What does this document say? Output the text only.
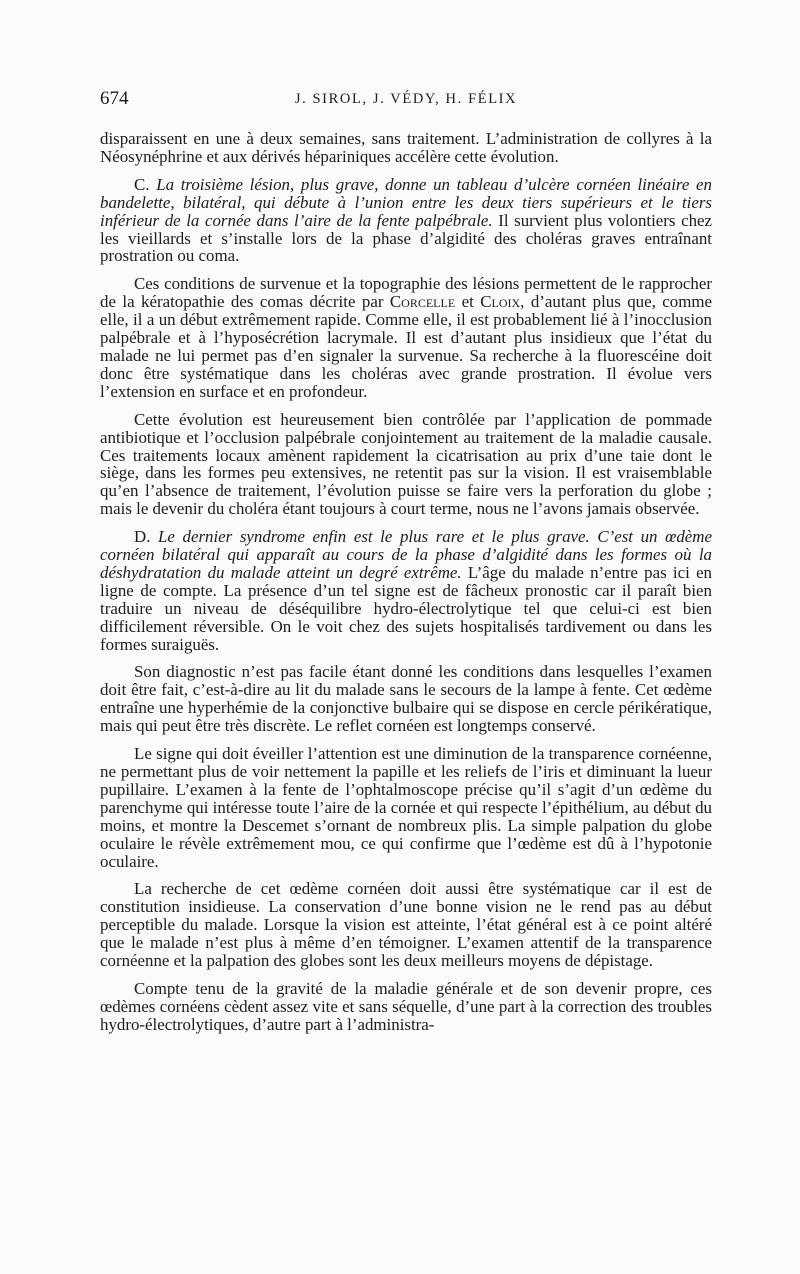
674	J. SIROL, J. VÉDY, H. FÉLIX

disparaissent en une à deux semaines, sans traitement. L’administration de collyres à la Néosynéphrine et aux dérivés hépariniques accélère cette évolution.

C. La troisième lésion, plus grave, donne un tableau d’ulcère cornéen linéaire en bandelette, bilatéral, qui débute à l’union entre les deux tiers supérieurs et le tiers inférieur de la cornée dans l’aire de la fente palpébrale. Il survient plus volontiers chez les vieillards et s’installe lors de la phase d’algidité des choléras graves entraînant prostration ou coma.

Ces conditions de survenue et la topographie des lésions permettent de le rapprocher de la kératopathie des comas décrite par Corcelle et Cloix, d’autant plus que, comme elle, il a un début extrêmement rapide. Comme elle, il est probablement lié à l’inocclusion palpébrale et à l’hyposécrétion lacrymale. Il est d’autant plus insidieux que l’état du malade ne lui permet pas d’en signaler la survenue. Sa recherche à la fluorescéine doit donc être systématique dans les choléras avec grande prostration. Il évolue vers l’extension en surface et en profondeur.

Cette évolution est heureusement bien contrôlée par l’application de pommade antibiotique et l’occlusion palpébrale conjointement au traitement de la maladie causale. Ces traitements locaux amènent rapidement la cicatrisation au prix d’une taie dont le siège, dans les formes peu extensives, ne retentit pas sur la vision. Il est vraisemblable qu’en l’absence de traitement, l’évolution puisse se faire vers la perforation du globe ; mais le devenir du choléra étant toujours à court terme, nous ne l’avons jamais observée.

D. Le dernier syndrome enfin est le plus rare et le plus grave. C’est un œdème cornéen bilatéral qui apparaît au cours de la phase d’algidité dans les formes où la déshydratation du malade atteint un degré extrême. L’âge du malade n’entre pas ici en ligne de compte. La présence d’un tel signe est de fâcheux pronostic car il paraît bien traduire un niveau de déséquilibre hydro-électrolytique tel que celui-ci est bien difficilement réversible. On le voit chez des sujets hospitalisés tardivement ou dans les formes suraiguës.

Son diagnostic n’est pas facile étant donné les conditions dans lesquelles l’examen doit être fait, c’est-à-dire au lit du malade sans le secours de la lampe à fente. Cet œdème entraîne une hyperhémie de la conjonctive bulbaire qui se dispose en cercle périkératique, mais qui peut être très discrète. Le reflet cornéen est longtemps conservé.

Le signe qui doit éveiller l’attention est une diminution de la transparence cornéenne, ne permettant plus de voir nettement la papille et les reliefs de l’iris et diminuant la lueur pupillaire. L’examen à la fente de l’ophtalmoscope précise qu’il s’agit d’un œdème du parenchyme qui intéresse toute l’aire de la cornée et qui respecte l’épithélium, au début du moins, et montre la Descemet s’ornant de nombreux plis. La simple palpation du globe oculaire le révèle extrêmement mou, ce qui confirme que l’œdème est dû à l’hypotonie oculaire.

La recherche de cet œdème cornéen doit aussi être systématique car il est de constitution insidieuse. La conservation d’une bonne vision ne le rend pas au début perceptible du malade. Lorsque la vision est atteinte, l’état général est à ce point altéré que le malade n’est plus à même d’en témoigner. L’examen attentif de la transparence cornéenne et la palpation des globes sont les deux meilleurs moyens de dépistage.

Compte tenu de la gravité de la maladie générale et de son devenir propre, ces œdèmes cornéens cèdent assez vite et sans séquelle, d’une part à la correction des troubles hydro-électrolytiques, d’autre part à l’administra-
